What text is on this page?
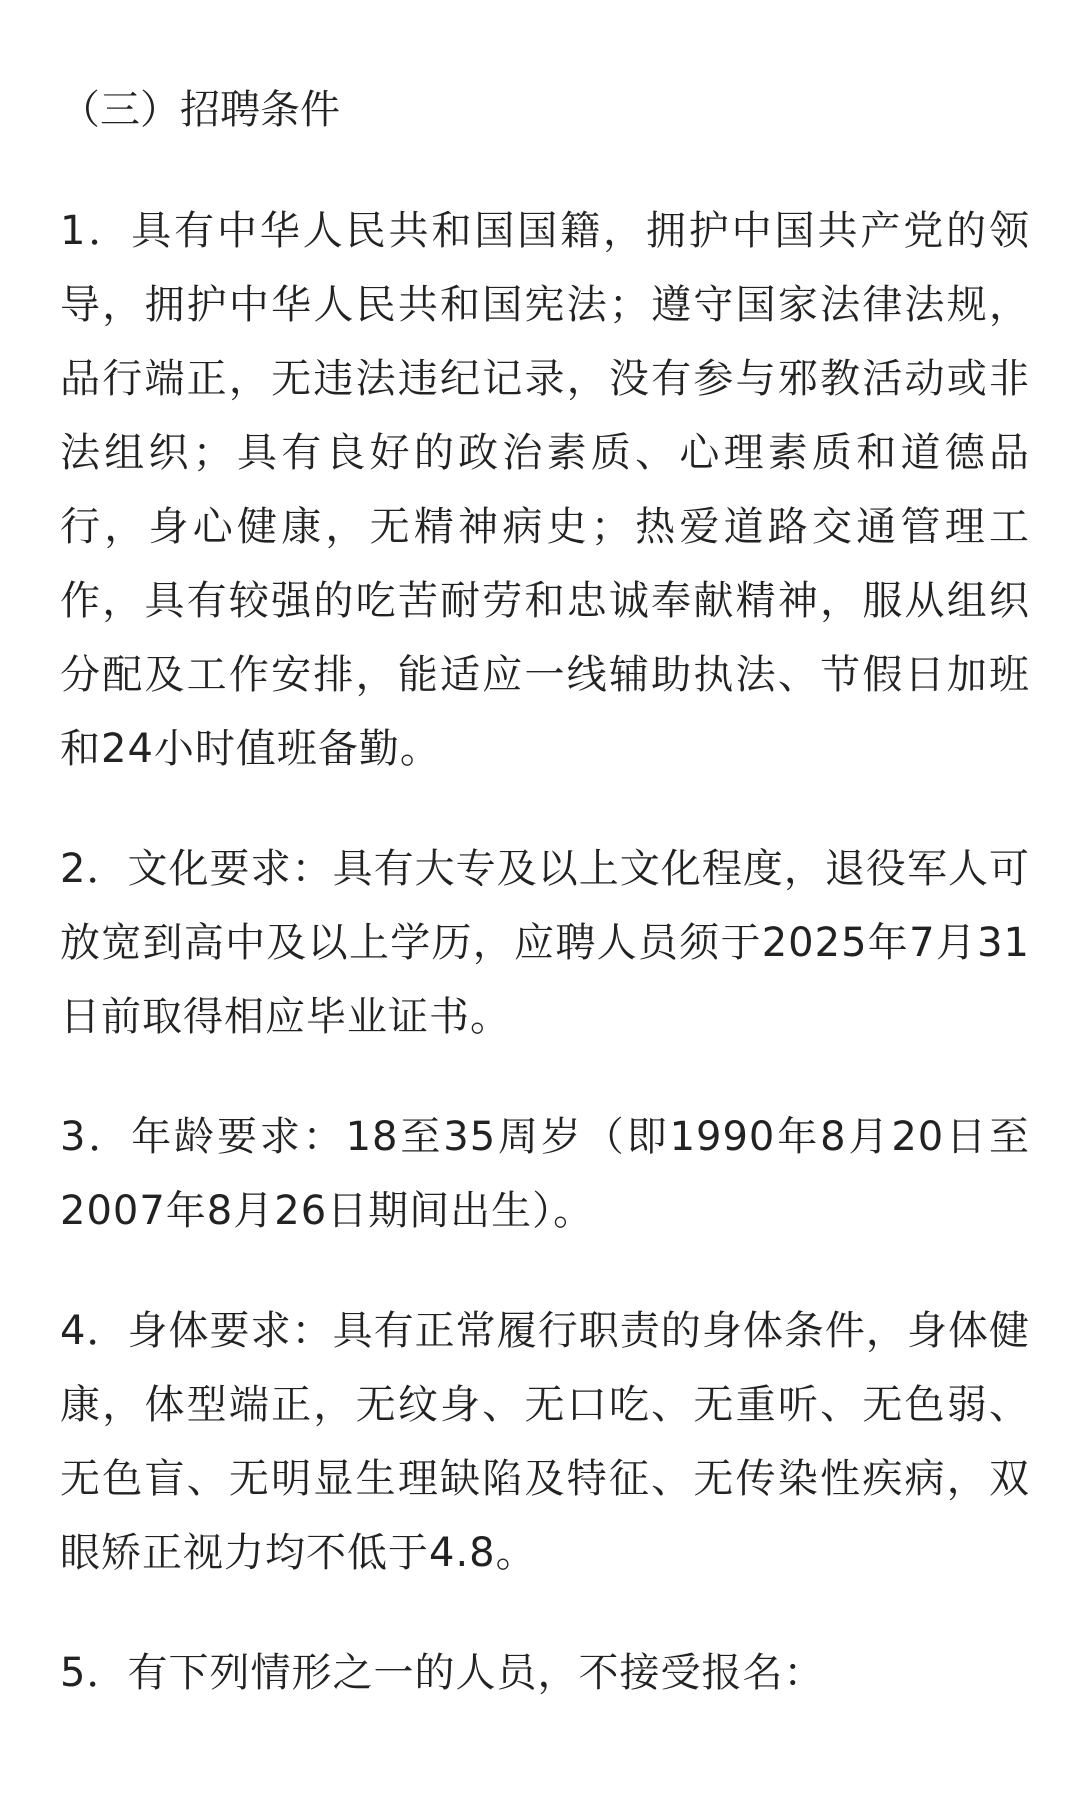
（三）招聘条件

1．具有中华人民共和国国籍，拥护中国共产党的领导，拥护中华人民共和国宪法；遵守国家法律法规，品行端正，无违法违纪记录，没有参与邪教活动或非法组织；具有良好的政治素质、心理素质和道德品行，身心健康，无精神病史；热爱道路交通管理工作，具有较强的吃苦耐劳和忠诚奉献精神，服从组织分配及工作安排，能适应一线辅助执法、节假日加班和24小时值班备勤。

2．文化要求：具有大专及以上文化程度，退役军人可放宽到高中及以上学历，应聘人员须于2025年7月31日前取得相应毕业证书。

3．年龄要求：18至35周岁（即1990年8月20日至2007年8月26日期间出生）。

4．身体要求：具有正常履行职责的身体条件，身体健康，体型端正，无纹身、无口吃、无重听、无色弱、无色盲、无明显生理缺陷及特征、无传染性疾病，双眼矫正视力均不低于4.8。

5．有下列情形之一的人员，不接受报名：
